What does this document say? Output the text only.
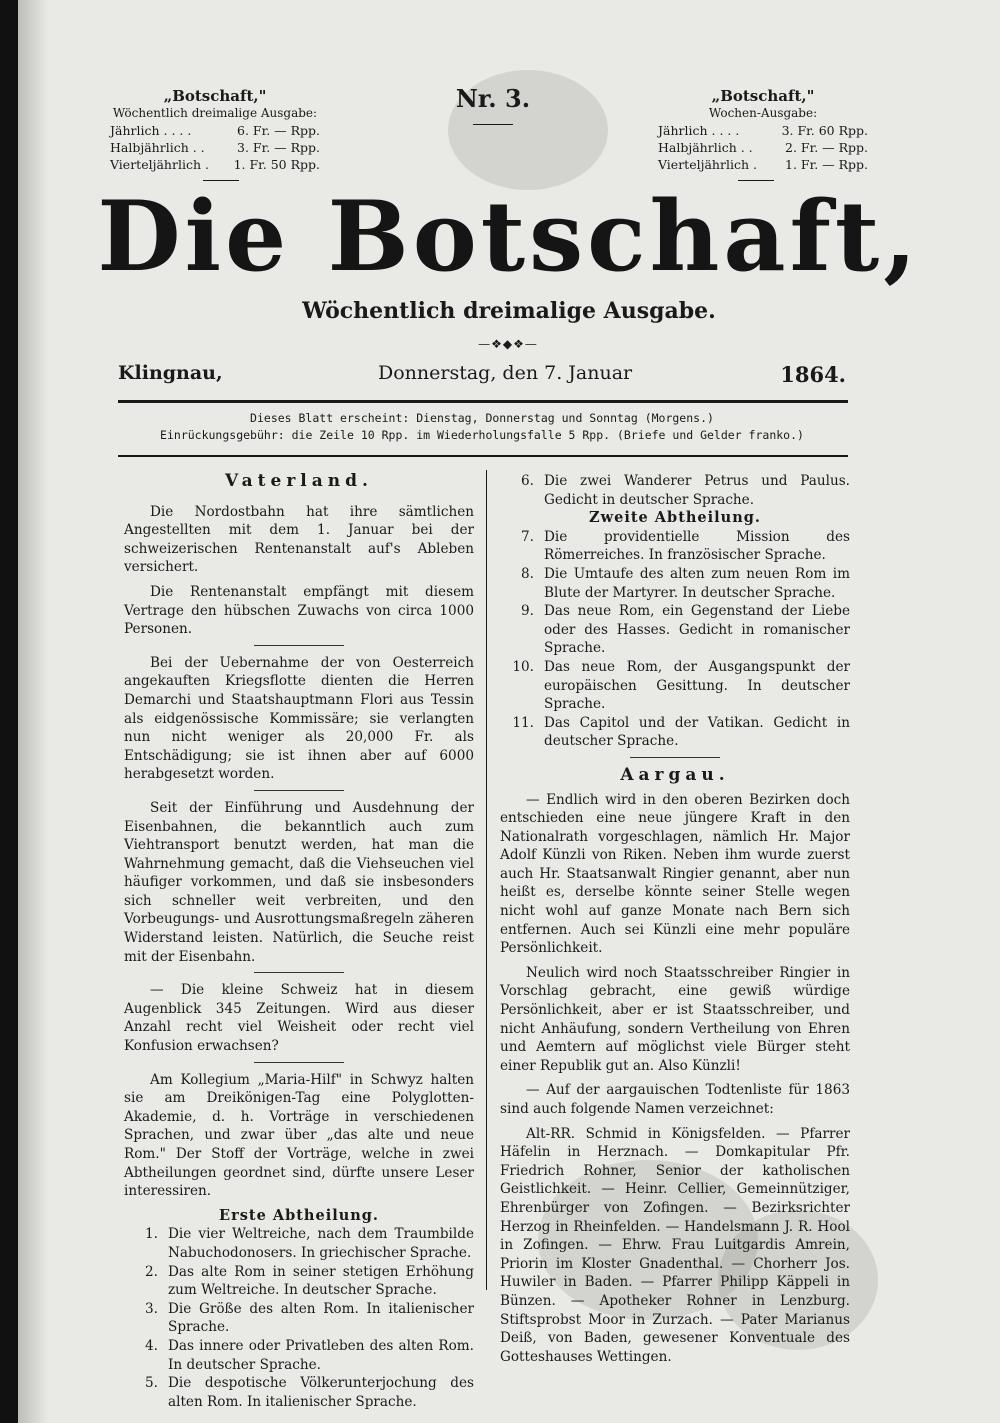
„Botschaft,"
Wöchentlich dreimalige Ausgabe:
Jährlich . . . .	6. Fr. — Rpp.
Halbjährlich . .	3. Fr. — Rpp.
Vierteljährlich . 1. Fr. 50 Rpp.
Nr. 3.	„Botschaft,"
Wochen-Ausgabe:
Jährlich . . . .	3. Fr. 60 Rpp.
Halbjährlich . .	2. Fr. — Rpp.
Vierteljährlich . 1. Fr. — Rpp.
Die Botschaft,
Wöchentlich dreimalige Ausgabe.
—❖◆❖—
Klingnau,	Donnerstag, den 7. Januar	1864.
Dieses Blatt erscheint: Dienstag, Donnerstag und Sonntag (Morgens.)
Einrückungsgebühr: die Zeile 10 Rpp. im Wiederholungsfalle 5 Rpp. (Briefe und Gelder franko.)
Vaterland.

Die Nordostbahn hat ihre sämtlichen Angestellten mit dem 1. Januar bei der schweizerischen Rentenanstalt auf's Ableben versichert.

Die Rentenanstalt empfängt mit diesem Vertrage den hübschen Zuwachs von circa 1000 Personen.

Bei der Uebernahme der von Oesterreich angekauften Kriegsflotte dienten die Herren Demarchi und Staatshauptmann Flori aus Tessin als eidgenössische Kommissäre; sie verlangten nun nicht weniger als 20,000 Fr. als Entschädigung; sie ist ihnen aber auf 6000 herabgesetzt worden.

Seit der Einführung und Ausdehnung der Eisenbahnen, die bekanntlich auch zum Viehtransport benutzt werden, hat man die Wahrnehmung gemacht, daß die Viehseuchen viel häufiger vorkommen, und daß sie insbesonders sich schneller weit verbreiten, und den Vorbeugungs- und Ausrottungsmaßregeln zäheren Widerstand leisten. Natürlich, die Seuche reist mit der Eisenbahn.

— Die kleine Schweiz hat in diesem Augenblick 345 Zeitungen. Wird aus dieser Anzahl recht viel Weisheit oder recht viel Konfusion erwachsen?

Am Kollegium „Maria-Hilf" in Schwyz halten sie am Dreikönigen-Tag eine Polyglotten-Akademie, d. h. Vorträge in verschiedenen Sprachen, und zwar über „das alte und neue Rom." Der Stoff der Vorträge, welche in zwei Abtheilungen geordnet sind, dürfte unsere Leser interessiren.

Erste Abtheilung.
1. Die vier Weltreiche, nach dem Traumbilde Nabuchodonosers. In griechischer Sprache.
2. Das alte Rom in seiner stetigen Erhöhung zum Weltreiche. In deutscher Sprache.
3. Die Größe des alten Rom. In italienischer Sprache.
4. Das innere oder Privatleben des alten Rom. In deutscher Sprache.
5. Die despotische Völkerunterjochung des alten Rom. In italienischer Sprache.
6. Die zwei Wanderer Petrus und Paulus. Gedicht in deutscher Sprache.
Zweite Abtheilung.
7. Die providentielle Mission des Römerreiches. In französischer Sprache.
8. Die Umtaufe des alten zum neuen Rom im Blute der Martyrer. In deutscher Sprache.
9. Das neue Rom, ein Gegenstand der Liebe oder des Hasses. Gedicht in romanischer Sprache.
10. Das neue Rom, der Ausgangspunkt der europäischen Gesittung. In deutscher Sprache.
11. Das Capitol und der Vatikan. Gedicht in deutscher Sprache.
Aargau.

— Endlich wird in den oberen Bezirken doch entschieden eine neue jüngere Kraft in den Nationalrath vorgeschlagen, nämlich Hr. Major Adolf Künzli von Riken. Neben ihm wurde zuerst auch Hr. Staatsanwalt Ringier genannt, aber nun heißt es, derselbe könnte seiner Stelle wegen nicht wohl auf ganze Monate nach Bern sich entfernen. Auch sei Künzli eine mehr populäre Persönlichkeit.

Neulich wird noch Staatsschreiber Ringier in Vorschlag gebracht, eine gewiß würdige Persönlichkeit, aber er ist Staatsschreiber, und nicht Anhäufung, sondern Vertheilung von Ehren und Aemtern auf möglichst viele Bürger steht einer Republik gut an. Also Künzli!

— Auf der aargauischen Todtenliste für 1863 sind auch folgende Namen verzeichnet:

Alt-RR. Schmid in Königsfelden. — Pfarrer Häfelin in Herznach. — Domkapitular Pfr. Friedrich Rohner, Senior der katholischen Geistlichkeit. — Heinr. Cellier, Gemeinnütziger, Ehrenbürger von Zofingen. — Bezirksrichter Herzog in Rheinfelden. — Handelsmann J. R. Hool in Zofingen. — Ehrw. Frau Luitgardis Amrein, Priorin im Kloster Gnadenthal. — Chorherr Jos. Huwiler in Baden. — Pfarrer Philipp Käppeli in Bünzen. — Apotheker Rohner in Lenzburg. Stiftsprobst Moor in Zurzach. — Pater Marianus Deiß, von Baden, gewesener Konventuale des Gotteshauses Wettingen.
